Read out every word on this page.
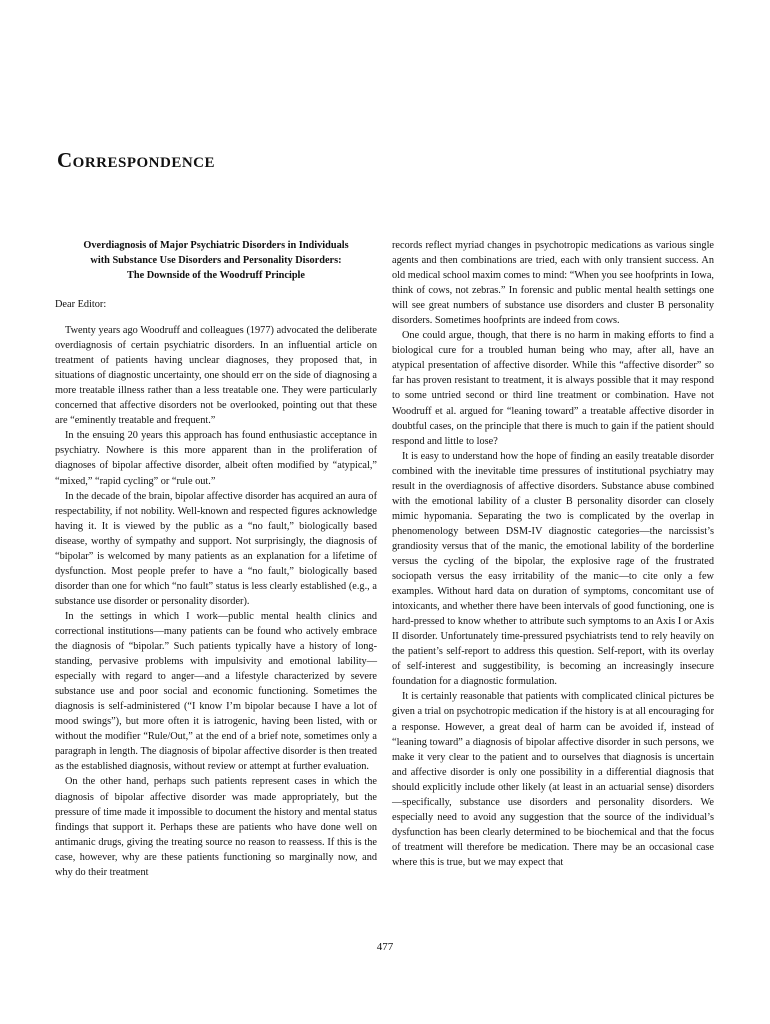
Correspondence
Overdiagnosis of Major Psychiatric Disorders in Individuals
with Substance Use Disorders and Personality Disorders:
The Downside of the Woodruff Principle

Dear Editor:

Twenty years ago Woodruff and colleagues (1977) advocated the deliberate overdiagnosis of certain psychiatric disorders. In an influential article on treatment of patients having unclear diagnoses, they proposed that, in situations of diagnostic uncertainty, one should err on the side of diagnosing a more treatable illness rather than a less treatable one. They were particularly concerned that affective disorders not be overlooked, pointing out that these are “eminently treatable and frequent.”

In the ensuing 20 years this approach has found enthusiastic acceptance in psychiatry. Nowhere is this more apparent than in the proliferation of diagnoses of bipolar affective disorder, albeit often modified by “atypical,” “mixed,” “rapid cycling” or “rule out.”

In the decade of the brain, bipolar affective disorder has acquired an aura of respectability, if not nobility. Well-known and respected figures acknowledge having it. It is viewed by the public as a “no fault,” biologically based disease, worthy of sympathy and support. Not surprisingly, the diagnosis of “bipolar” is welcomed by many patients as an explanation for a lifetime of dysfunction. Most people prefer to have a “no fault,” biologically based disorder than one for which “no fault” status is less clearly established (e.g., a substance use disorder or personality disorder).

In the settings in which I work—public mental health clinics and correctional institutions—many patients can be found who actively embrace the diagnosis of “bipolar.” Such patients typically have a history of long-standing, pervasive problems with impulsivity and emotional lability—especially with regard to anger—and a lifestyle characterized by severe substance use and poor social and economic functioning. Sometimes the diagnosis is self-administered (“I know I’m bipolar because I have a lot of mood swings”), but more often it is iatrogenic, having been listed, with or without the modifier “Rule/Out,” at the end of a brief note, sometimes only a paragraph in length. The diagnosis of bipolar affective disorder is then treated as the established diagnosis, without review or attempt at further evaluation.

On the other hand, perhaps such patients represent cases in which the diagnosis of bipolar affective disorder was made appropriately, but the pressure of time made it impossible to document the history and mental status findings that support it. Perhaps these are patients who have done well on antimanic drugs, giving the treating source no reason to reassess. If this is the case, however, why are these patients functioning so marginally now, and why do their treatment

records reflect myriad changes in psychotropic medications as various single agents and then combinations are tried, each with only transient success. An old medical school maxim comes to mind: “When you see hoofprints in Iowa, think of cows, not zebras.” In forensic and public mental health settings one will see great numbers of substance use disorders and cluster B personality disorders. Sometimes hoofprints are indeed from cows.

One could argue, though, that there is no harm in making efforts to find a biological cure for a troubled human being who may, after all, have an atypical presentation of affective disorder. While this “affective disorder” so far has proven resistant to treatment, it is always possible that it may respond to some untried second or third line treatment or combination. Have not Woodruff et al. argued for “leaning toward” a treatable affective disorder in doubtful cases, on the principle that there is much to gain if the patient should respond and little to lose?

It is easy to understand how the hope of finding an easily treatable disorder combined with the inevitable time pressures of institutional psychiatry may result in the overdiagnosis of affective disorders. Substance abuse combined with the emotional lability of a cluster B personality disorder can closely mimic hypomania. Separating the two is complicated by the overlap in phenomenology between DSM-IV diagnostic categories—the narcissist’s grandiosity versus that of the manic, the emotional lability of the borderline versus the cycling of the bipolar, the explosive rage of the frustrated sociopath versus the easy irritability of the manic—to cite only a few examples. Without hard data on duration of symptoms, concomitant use of intoxicants, and whether there have been intervals of good functioning, one is hard-pressed to know whether to attribute such symptoms to an Axis I or Axis II disorder. Unfortunately time-pressured psychiatrists tend to rely heavily on the patient’s self-report to address this question. Self-report, with its overlay of self-interest and suggestibility, is becoming an increasingly insecure foundation for a diagnostic formulation.

It is certainly reasonable that patients with complicated clinical pictures be given a trial on psychotropic medication if the history is at all encouraging for a response. However, a great deal of harm can be avoided if, instead of “leaning toward” a diagnosis of bipolar affective disorder in such persons, we make it very clear to the patient and to ourselves that diagnosis is uncertain and affective disorder is only one possibility in a differential diagnosis that should explicitly include other likely (at least in an actuarial sense) disorders—specifically, substance use disorders and personality disorders. We especially need to avoid any suggestion that the source of the individual’s dysfunction has been clearly determined to be biochemical and that the focus of treatment will therefore be medication. There may be an occasional case where this is true, but we may expect that

477
